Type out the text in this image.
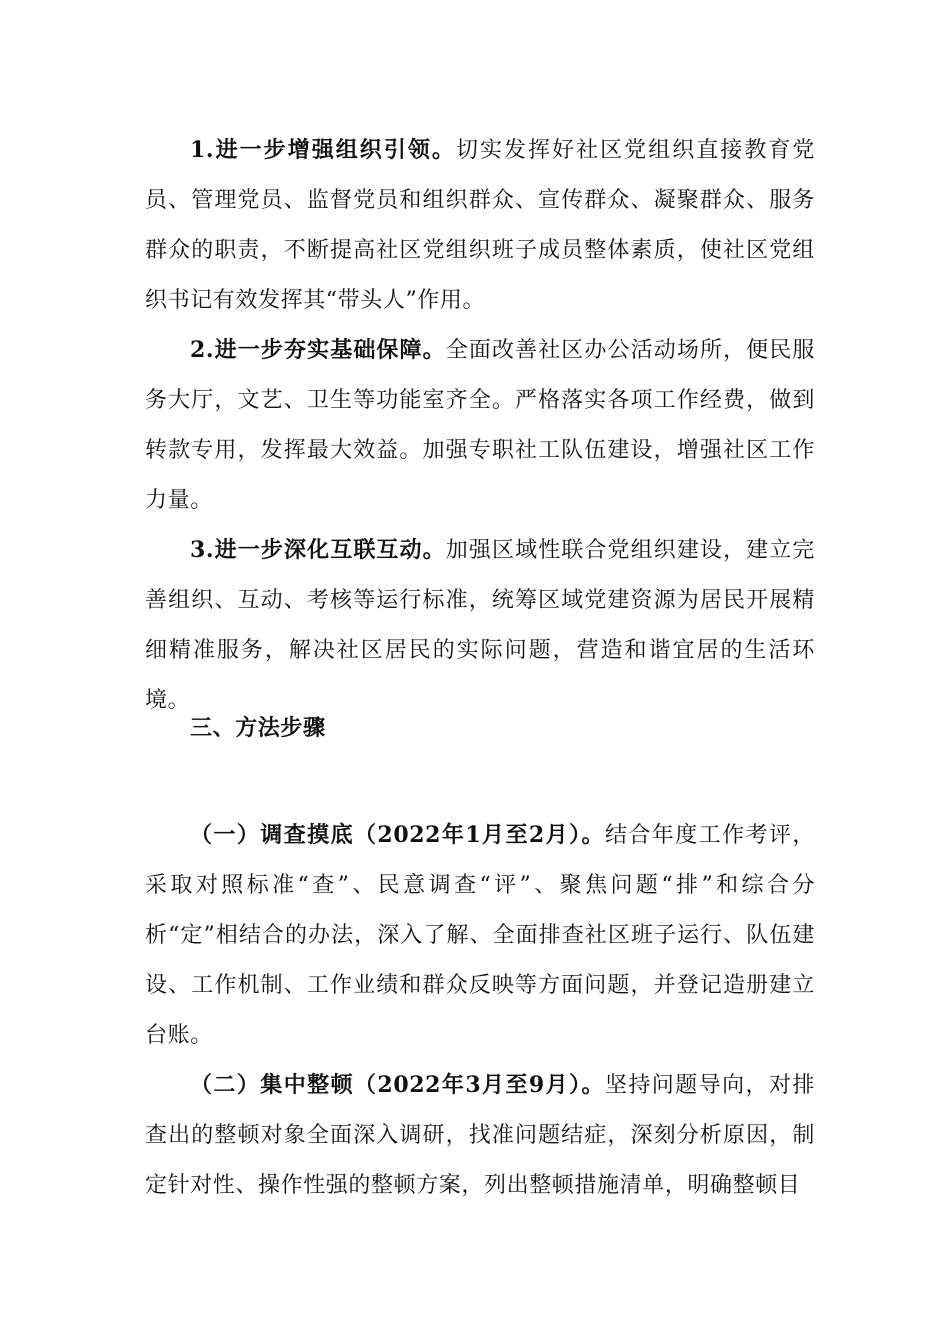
1.进一步增强组织引领。切实发挥好社区党组织直接教育党员、管理党员、监督党员和组织群众、宣传群众、凝聚群众、服务群众的职责，不断提高社区党组织班子成员整体素质，使社区党组织书记有效发挥其“带头人”作用。

2.进一步夯实基础保障。全面改善社区办公活动场所，便民服务大厅，文艺、卫生等功能室齐全。严格落实各项工作经费，做到转款专用，发挥最大效益。加强专职社工队伍建设，增强社区工作力量。

3.进一步深化互联互动。加强区域性联合党组织建设，建立完善组织、互动、考核等运行标准，统筹区域党建资源为居民开展精细精准服务，解决社区居民的实际问题，营造和谐宜居的生活环境。

三、方法步骤

（一）调查摸底（2022年1月至2月）。结合年度工作考评，采取对照标准“查”、民意调查“评”、聚焦问题“排”和综合分析“定”相结合的办法，深入了解、全面排查社区班子运行、队伍建设、工作机制、工作业绩和群众反映等方面问题，并登记造册建立台账。

（二）集中整顿（2022年3月至9月）。坚持问题导向，对排查出的整顿对象全面深入调研，找准问题结症，深刻分析原因，制定针对性、操作性强的整顿方案，列出整顿措施清单，明确整顿目
